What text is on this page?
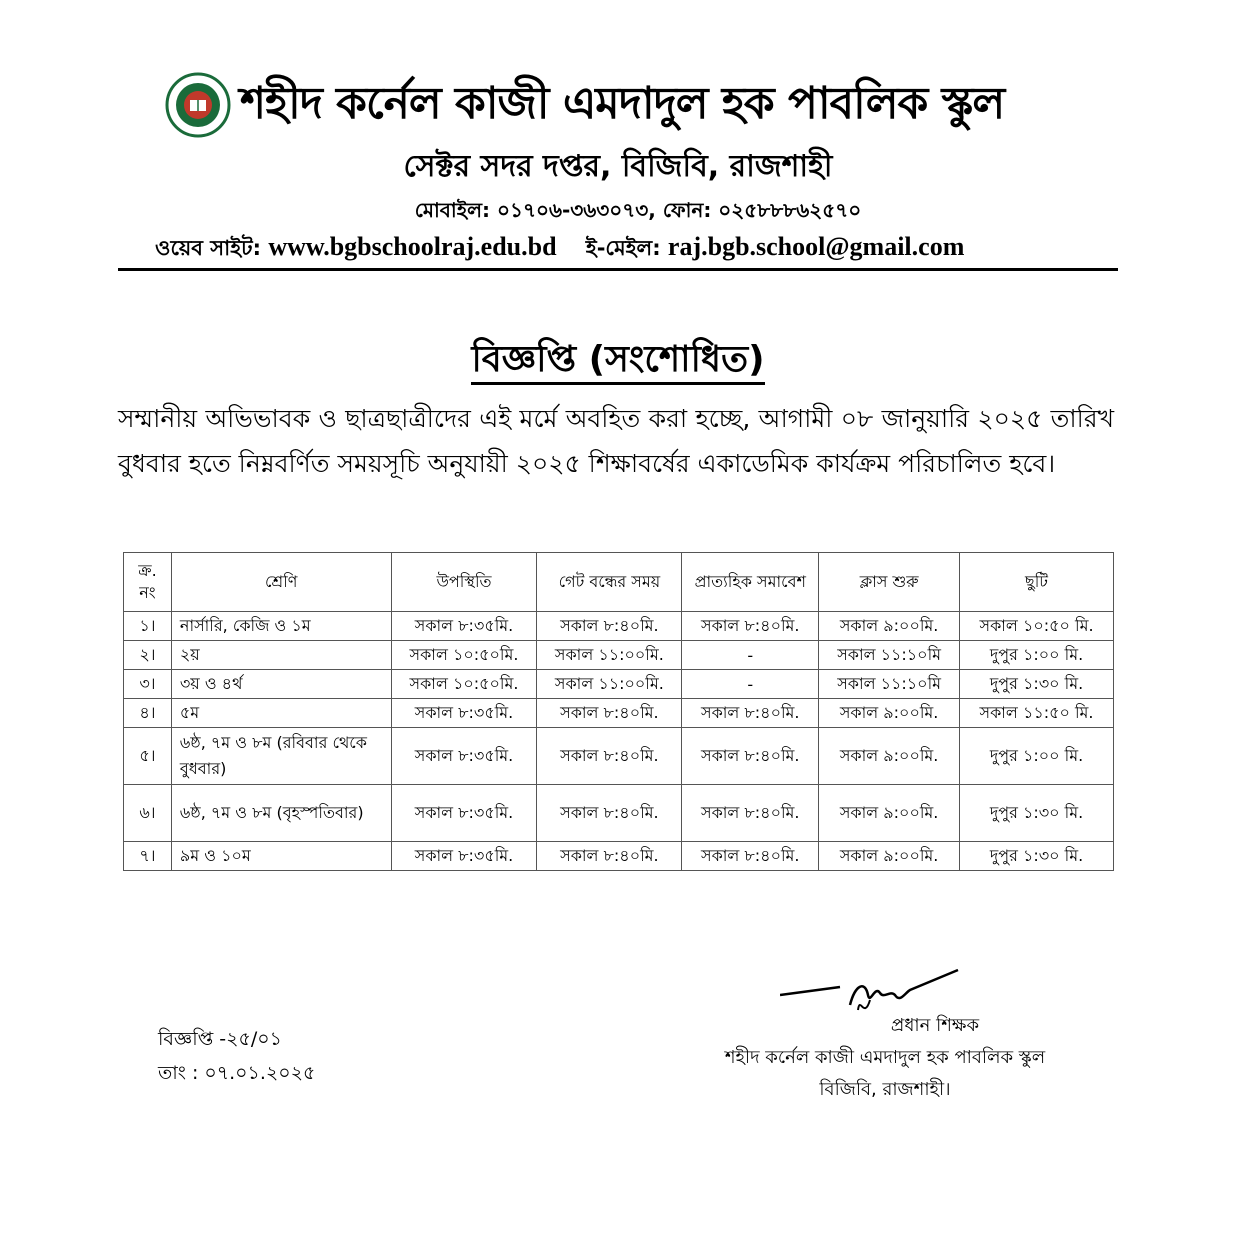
শহীদ কর্নেল কাজী এমদাদুল হক পাবলিক স্কুল
সেক্টর সদর দপ্তর, বিজিবি, রাজশাহী
মোবাইল: ০১৭০৬-৩৬৩০৭৩, ফোন: ০২৫৮৮৮৬২৫৭০
ওয়েব সাইট: www.bgbschoolraj.edu.bd ই-মেইল: raj.bgb.school@gmail.com
বিজ্ঞপ্তি (সংশোধিত)
সম্মানীয় অভিভাবক ও ছাত্রছাত্রীদের এই মর্মে অবহিত করা হচ্ছে, আগামী ০৮ জানুয়ারি ২০২৫ তারিখ বুধবার হতে নিম্নবর্ণিত সময়সূচি অনুযায়ী ২০২৫ শিক্ষাবর্ষের একাডেমিক কার্যক্রম পরিচালিত হবে।
ক্র. নং	শ্রেণি	উপস্থিতি	গেট বন্ধের সময়	প্রাত্যহিক সমাবেশ	ক্লাস শুরু	ছুটি
১।	নার্সারি, কেজি ও ১ম	সকাল ৮:৩৫মি.	সকাল ৮:৪০মি.	সকাল ৮:৪০মি.	সকাল ৯:০০মি.	সকাল ১০:৫০ মি.
২।	২য়	সকাল ১০:৫০মি.	সকাল ১১:০০মি.	-	সকাল ১১:১০মি	দুপুর ১:০০ মি.
৩।	৩য় ও ৪র্থ	সকাল ১০:৫০মি.	সকাল ১১:০০মি.	-	সকাল ১১:১০মি	দুপুর ১:৩০ মি.
৪।	৫ম	সকাল ৮:৩৫মি.	সকাল ৮:৪০মি.	সকাল ৮:৪০মি.	সকাল ৯:০০মি.	সকাল ১১:৫০ মি.
৫।	৬ষ্ঠ, ৭ম ও ৮ম (রবিবার থেকে বুধবার)	সকাল ৮:৩৫মি.	সকাল ৮:৪০মি.	সকাল ৮:৪০মি.	সকাল ৯:০০মি.	দুপুর ১:০০ মি.
৬।	৬ষ্ঠ, ৭ম ও ৮ম (বৃহস্পতিবার)	সকাল ৮:৩৫মি.	সকাল ৮:৪০মি.	সকাল ৮:৪০মি.	সকাল ৯:০০মি.	দুপুর ১:৩০ মি.
৭।	৯ম ও ১০ম	সকাল ৮:৩৫মি.	সকাল ৮:৪০মি.	সকাল ৮:৪০মি.	সকাল ৯:০০মি.	দুপুর ১:৩০ মি.
বিজ্ঞপ্তি -২৫/০১
তাং : ০৭.০১.২০২৫
প্রধান শিক্ষক
শহীদ কর্নেল কাজী এমদাদুল হক পাবলিক স্কুল
বিজিবি, রাজশাহী।
